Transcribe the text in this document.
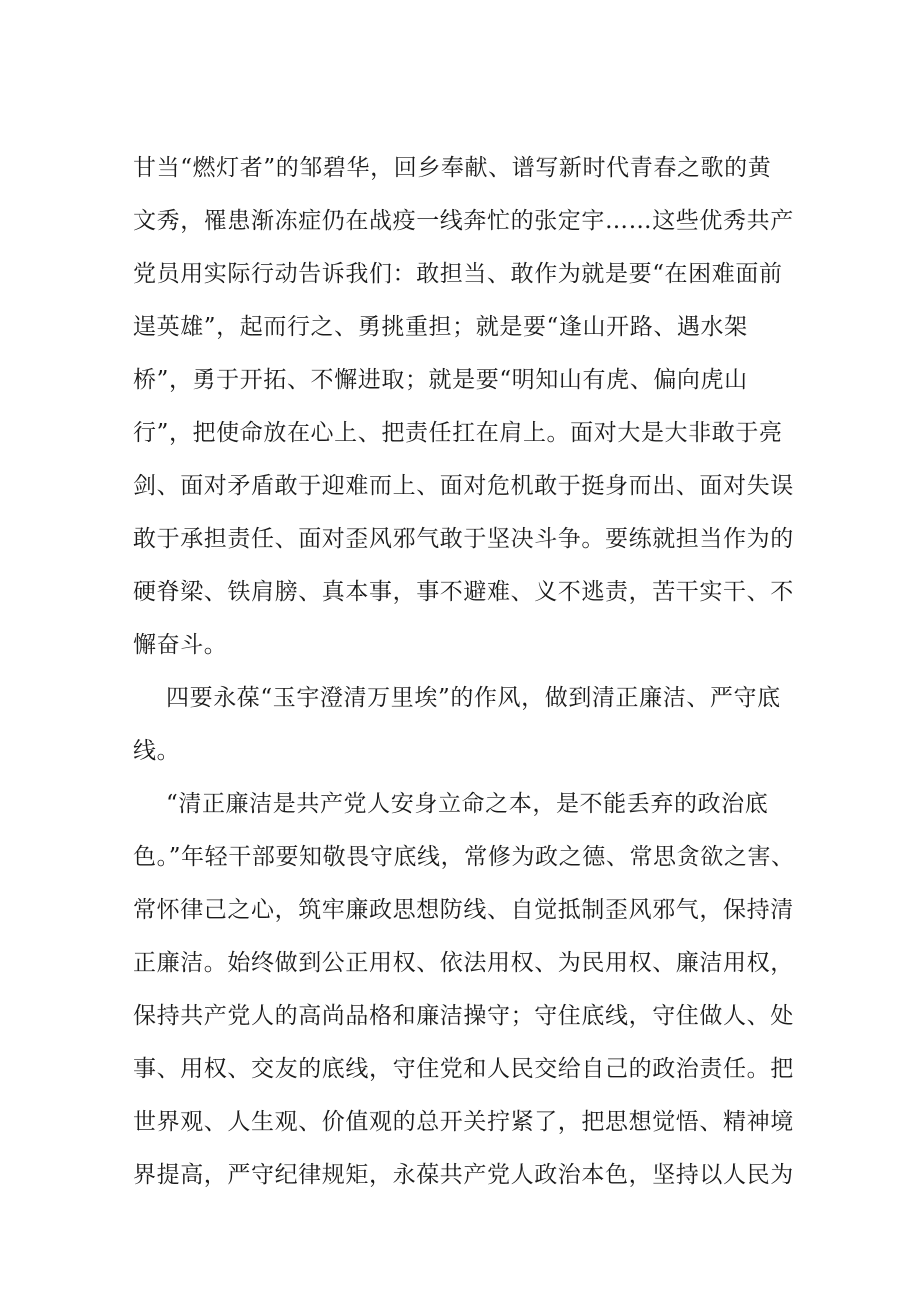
甘当“燃灯者”的邹碧华，回乡奉献、谱写新时代青春之歌的黄
文秀，罹患渐冻症仍在战疫一线奔忙的张定宇……这些优秀共产
党员用实际行动告诉我们：敢担当、敢作为就是要“在困难面前
逞英雄”，起而行之、勇挑重担；就是要“逢山开路、遇水架
桥”，勇于开拓、不懈进取；就是要“明知山有虎、偏向虎山
行”，把使命放在心上、把责任扛在肩上。面对大是大非敢于亮
剑、面对矛盾敢于迎难而上、面对危机敢于挺身而出、面对失误
敢于承担责任、面对歪风邪气敢于坚决斗争。要练就担当作为的
硬脊梁、铁肩膀、真本事，事不避难、义不逃责，苦干实干、不
懈奋斗。
四要永葆“玉宇澄清万里埃”的作风，做到清正廉洁、严守底
线。
“清正廉洁是共产党人安身立命之本，是不能丢弃的政治底
色。”年轻干部要知敬畏守底线，常修为政之德、常思贪欲之害、
常怀律己之心，筑牢廉政思想防线、自觉抵制歪风邪气，保持清
正廉洁。始终做到公正用权、依法用权、为民用权、廉洁用权，
保持共产党人的高尚品格和廉洁操守；守住底线，守住做人、处
事、用权、交友的底线，守住党和人民交给自己的政治责任。把
世界观、人生观、价值观的总开关拧紧了，把思想觉悟、精神境
界提高，严守纪律规矩，永葆共产党人政治本色，坚持以人民为
